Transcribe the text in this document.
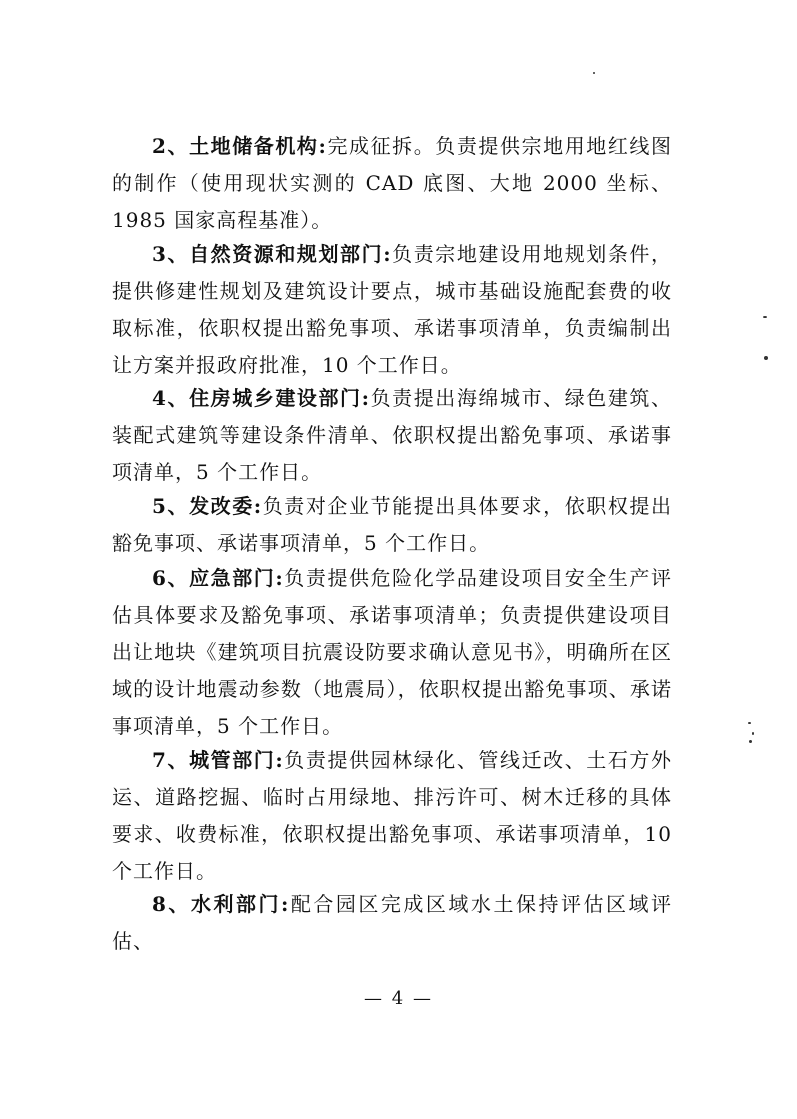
2、土地储备机构:完成征拆。负责提供宗地用地红线图的制作（使用现状实测的 CAD 底图、大地 2000 坐标、1985 国家高程基准）。

3、自然资源和规划部门:负责宗地建设用地规划条件，提供修建性规划及建筑设计要点，城市基础设施配套费的收取标准，依职权提出豁免事项、承诺事项清单，负责编制出让方案并报政府批准，10 个工作日。

4、住房城乡建设部门:负责提出海绵城市、绿色建筑、装配式建筑等建设条件清单、依职权提出豁免事项、承诺事项清单，5 个工作日。

5、发改委:负责对企业节能提出具体要求，依职权提出豁免事项、承诺事项清单，5 个工作日。

6、应急部门:负责提供危险化学品建设项目安全生产评估具体要求及豁免事项、承诺事项清单；负责提供建设项目出让地块《建筑项目抗震设防要求确认意见书》，明确所在区域的设计地震动参数（地震局），依职权提出豁免事项、承诺事项清单，5 个工作日。

7、城管部门:负责提供园林绿化、管线迁改、土石方外运、道路挖掘、临时占用绿地、排污许可、树木迁移的具体要求、收费标准，依职权提出豁免事项、承诺事项清单，10 个工作日。

8、水利部门:配合园区完成区域水土保持评估区域评估、

— 4 —
